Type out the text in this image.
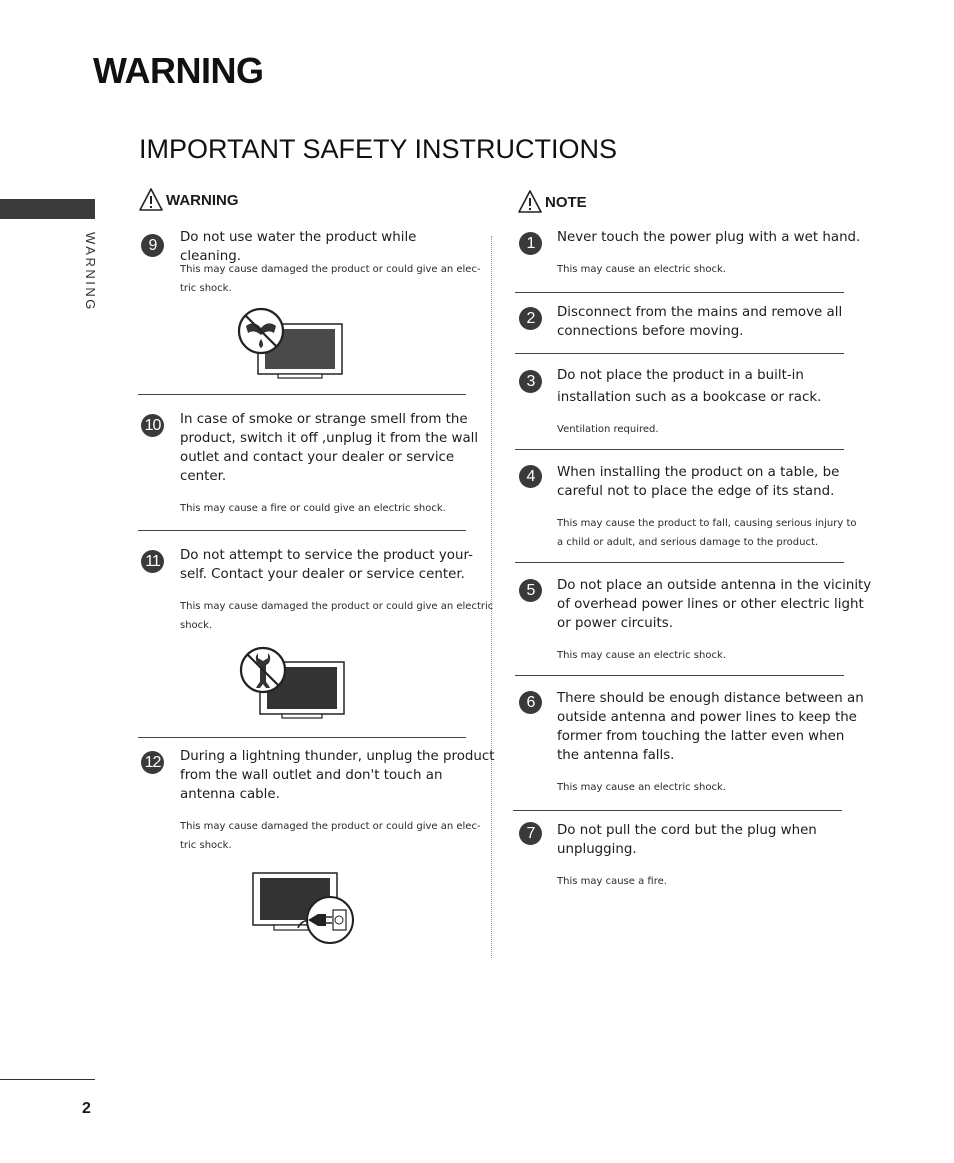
WARNING
IMPORTANT SAFETY INSTRUCTIONS
WARNING
2
WARNING
9	Do not use water the product while cleaning.
This may cause damaged the product or could give an elec-
tric shock.
10 In case of smoke or strange smell from the
product, switch it off ,unplug it from the wall
outlet and contact your dealer or service
center.
This may cause a fire or could give an electric shock.
11	Do not attempt to service the product your-
self. Contact your dealer or service center.
This may cause damaged the product or could give an electric
shock.
12 During a lightning thunder, unplug the product
from the wall outlet and don't touch an
antenna cable.
This may cause damaged the product or could give an elec-
tric shock.
NOTE
1	Never touch the power plug with a wet hand.
This may cause an electric shock.
2	Disconnect from the mains and remove all
connections before moving.
3	Do not place the product in a built-in
installation such as a bookcase or rack.
Ventilation required.
4	When installing the product on a table, be
careful not to place the edge of its stand.
This may cause the product to fall, causing serious injury to
a child or adult, and serious damage to the product.
5	Do not place an outside antenna in the vicinity
of overhead power lines or other electric light
or power circuits.
This may cause an electric shock.
6	There should be enough distance between an
outside antenna and power lines to keep the
former from touching the latter even when
the antenna falls.
This may cause an electric shock.
7	Do not pull the cord but the plug when
unplugging.
This may cause a fire.
